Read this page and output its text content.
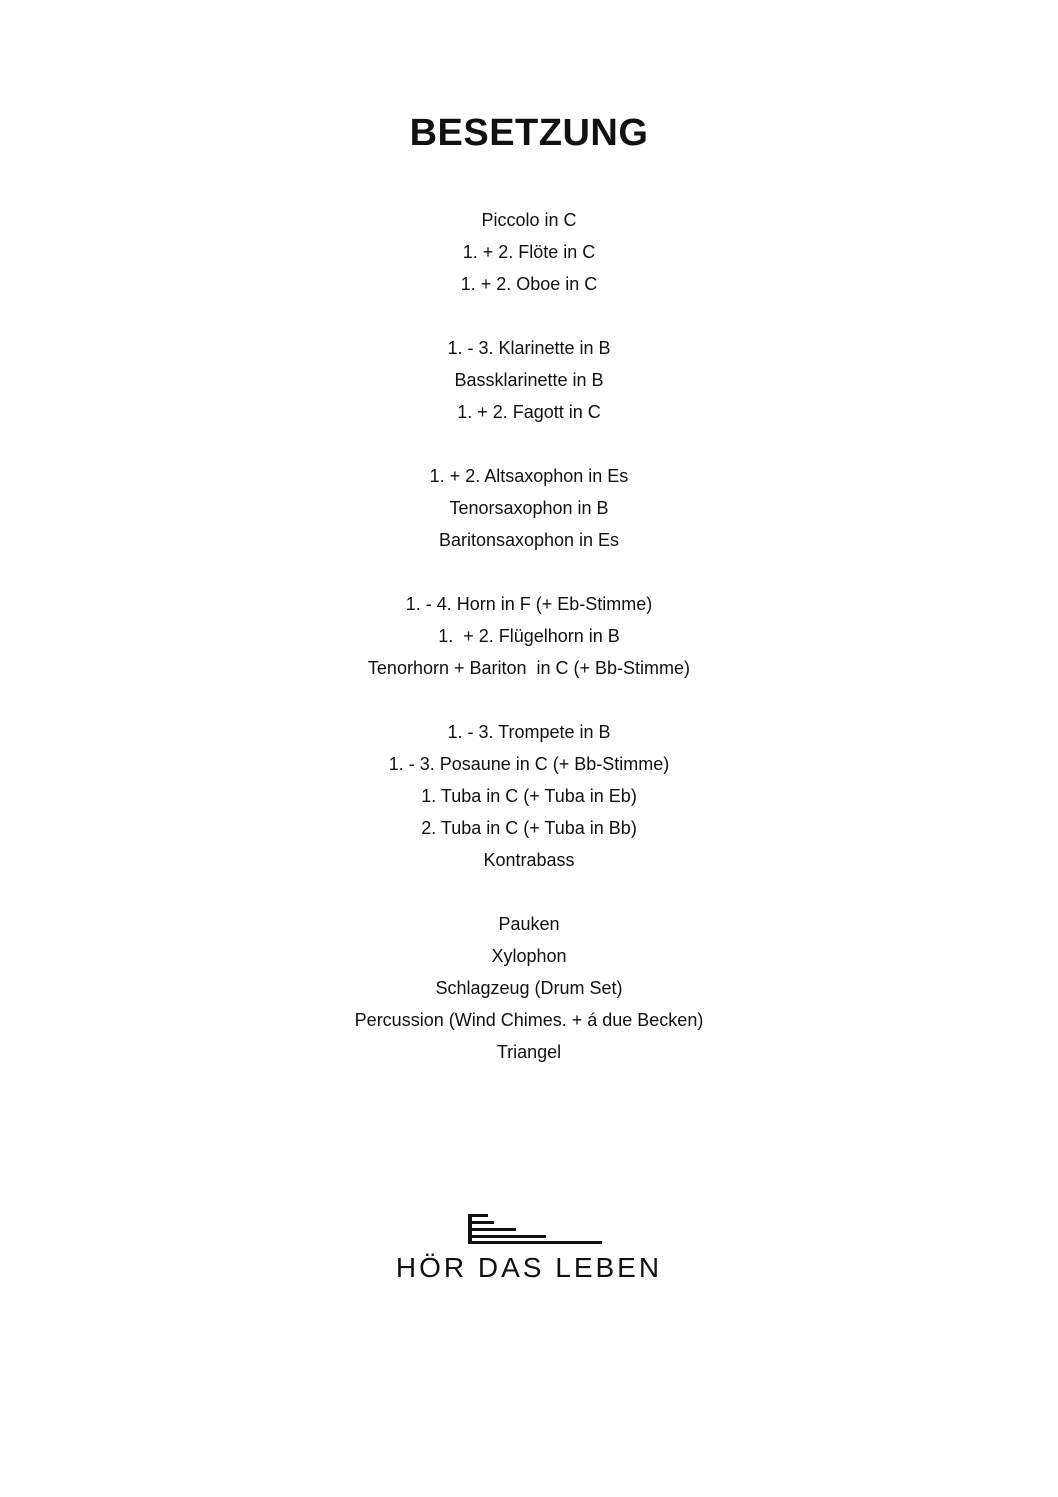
BESETZUNG
Piccolo in C
1. + 2. Flöte in C
1. + 2. Oboe in C
1. - 3. Klarinette in B
Bassklarinette in B
1. + 2. Fagott in C
1. + 2. Altsaxophon in Es
Tenorsaxophon in B
Baritonsaxophon in Es
1. - 4. Horn in F (+ Eb-Stimme)
1.  + 2. Flügelhorn in B
Tenorhorn + Bariton  in C (+ Bb-Stimme)
1. - 3. Trompete in B
1. - 3. Posaune in C (+ Bb-Stimme)
1. Tuba in C (+ Tuba in Eb)
2. Tuba in C (+ Tuba in Bb)
Kontrabass
Pauken
Xylophon
Schlagzeug (Drum Set)
Percussion (Wind Chimes. + á due Becken)
Triangel
HÖR DAS LEBEN
